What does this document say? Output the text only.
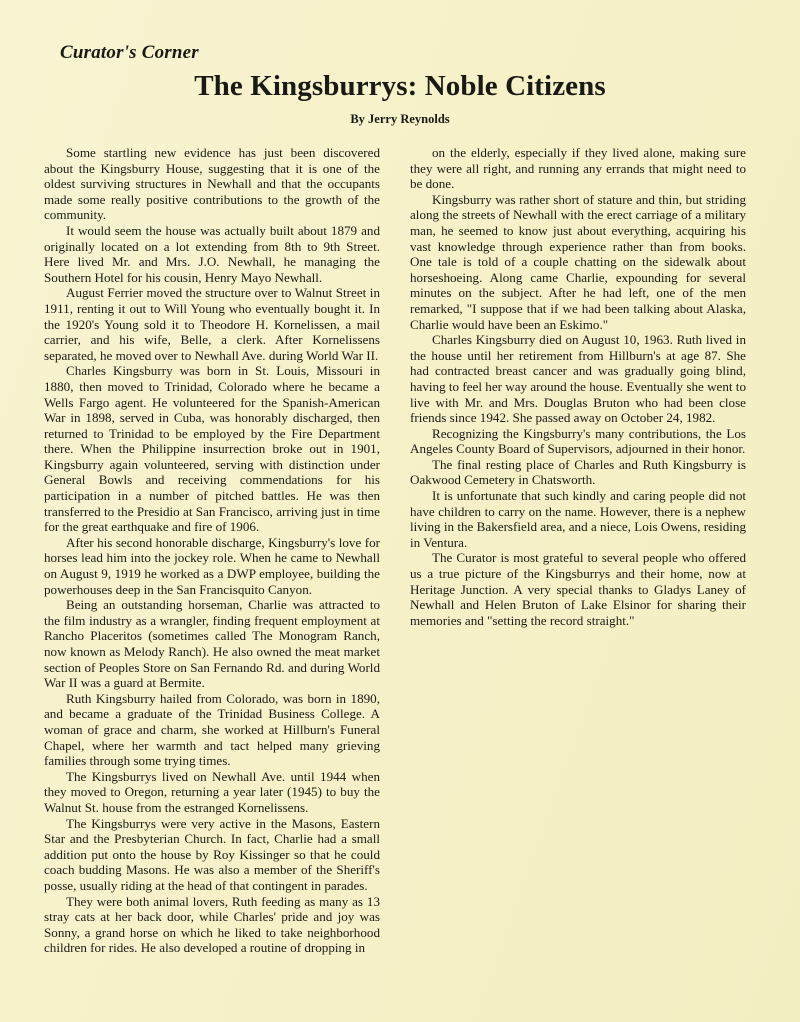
Curator's Corner
The Kingsburrys: Noble Citizens
By Jerry Reynolds

Some startling new evidence has just been discovered about the Kingsburry House, suggesting that it is one of the oldest surviving structures in Newhall and that the occupants made some really positive contributions to the growth of the community.

It would seem the house was actually built about 1879 and originally located on a lot extending from 8th to 9th Street. Here lived Mr. and Mrs. J.O. Newhall, he managing the Southern Hotel for his cousin, Henry Mayo Newhall.

August Ferrier moved the structure over to Walnut Street in 1911, renting it out to Will Young who eventually bought it. In the 1920's Young sold it to Theodore H. Kornelissen, a mail carrier, and his wife, Belle, a clerk. After Kornelissens separated, he moved over to Newhall Ave. during World War II.

Charles Kingsburry was born in St. Louis, Missouri in 1880, then moved to Trinidad, Colorado where he became a Wells Fargo agent. He volunteered for the Spanish-American War in 1898, served in Cuba, was honorably discharged, then returned to Trinidad to be employed by the Fire Department there. When the Philippine insurrection broke out in 1901, Kingsburry again volunteered, serving with distinction under General Bowls and receiving commendations for his participation in a number of pitched battles. He was then transferred to the Presidio at San Francisco, arriving just in time for the great earthquake and fire of 1906.

After his second honorable discharge, Kingsburry's love for horses lead him into the jockey role. When he came to Newhall on August 9, 1919 he worked as a DWP employee, building the powerhouses deep in the San Francisquito Canyon.

Being an outstanding horseman, Charlie was attracted to the film industry as a wrangler, finding frequent employment at Rancho Placeritos (sometimes called The Monogram Ranch, now known as Melody Ranch). He also owned the meat market section of Peoples Store on San Fernando Rd. and during World War II was a guard at Bermite.

Ruth Kingsburry hailed from Colorado, was born in 1890, and became a graduate of the Trinidad Business College. A woman of grace and charm, she worked at Hillburn's Funeral Chapel, where her warmth and tact helped many grieving families through some trying times.

The Kingsburrys lived on Newhall Ave. until 1944 when they moved to Oregon, returning a year later (1945) to buy the Walnut St. house from the estranged Kornelissens.

The Kingsburrys were very active in the Masons, Eastern Star and the Presbyterian Church. In fact, Charlie had a small addition put onto the house by Roy Kissinger so that he could coach budding Masons. He was also a member of the Sheriff's posse, usually riding at the head of that contingent in parades.

They were both animal lovers, Ruth feeding as many as 13 stray cats at her back door, while Charles' pride and joy was Sonny, a grand horse on which he liked to take neighborhood children for rides. He also developed a routine of dropping in

on the elderly, especially if they lived alone, making sure they were all right, and running any errands that might need to be done.

Kingsburry was rather short of stature and thin, but striding along the streets of Newhall with the erect carriage of a military man, he seemed to know just about everything, acquiring his vast knowledge through experience rather than from books. One tale is told of a couple chatting on the sidewalk about horseshoeing. Along came Charlie, expounding for several minutes on the subject. After he had left, one of the men remarked, "I suppose that if we had been talking about Alaska, Charlie would have been an Eskimo."

Charles Kingsburry died on August 10, 1963. Ruth lived in the house until her retirement from Hillburn's at age 87. She had contracted breast cancer and was gradually going blind, having to feel her way around the house. Eventually she went to live with Mr. and Mrs. Douglas Bruton who had been close friends since 1942. She passed away on October 24, 1982.

Recognizing the Kingsburry's many contributions, the Los Angeles County Board of Supervisors, adjourned in their honor.

The final resting place of Charles and Ruth Kingsburry is Oakwood Cemetery in Chatsworth.

It is unfortunate that such kindly and caring people did not have children to carry on the name. However, there is a nephew living in the Bakersfield area, and a niece, Lois Owens, residing in Ventura.

The Curator is most grateful to several people who offered us a true picture of the Kingsburrys and their home, now at Heritage Junction. A very special thanks to Gladys Laney of Newhall and Helen Bruton of Lake Elsinor for sharing their memories and "setting the record straight."
